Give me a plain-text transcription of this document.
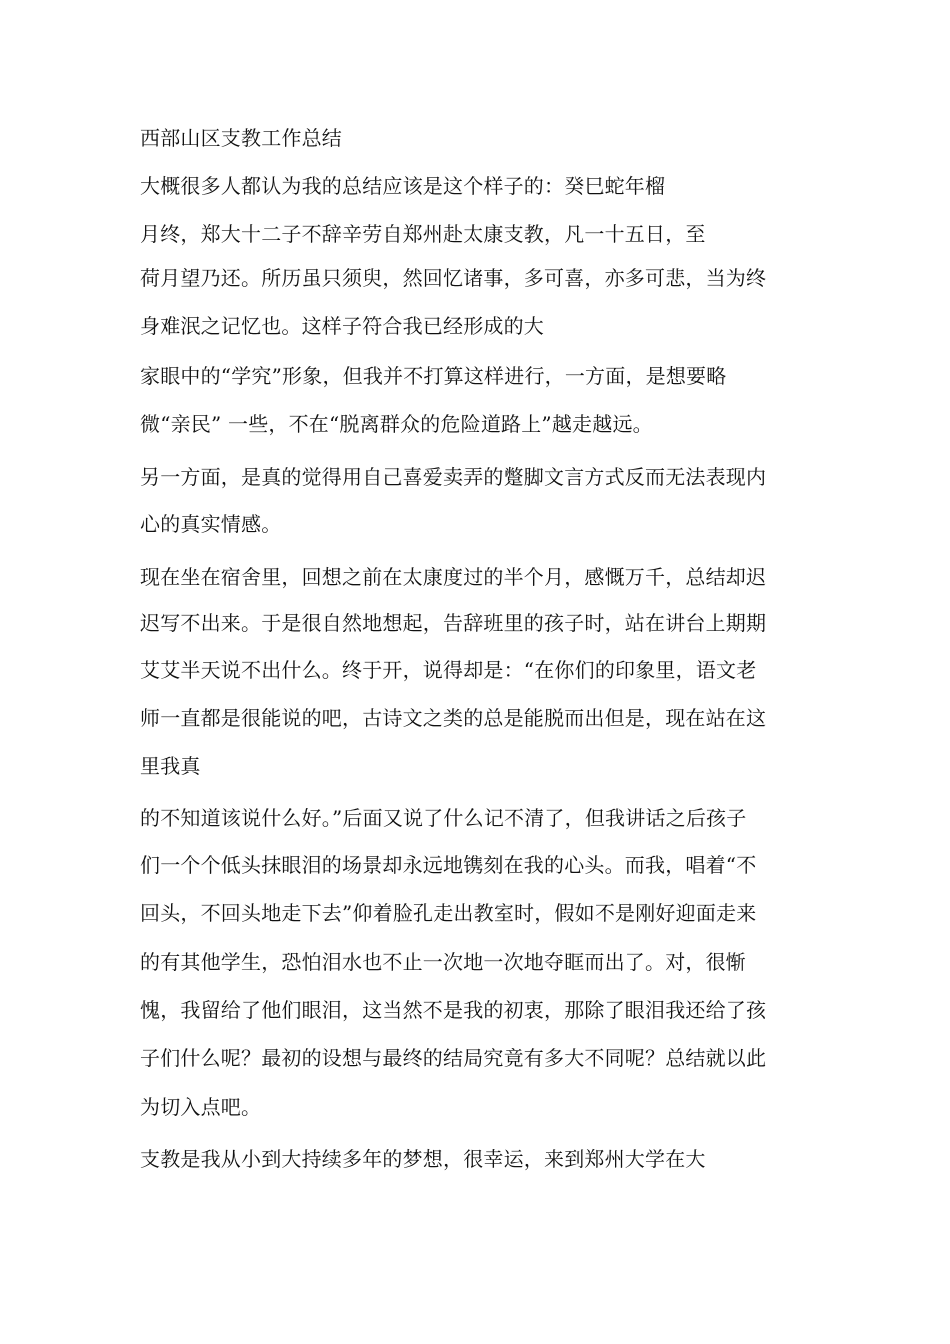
西部山区支教工作总结

大概很多人都认为我的总结应该是这个样子的：癸巳蛇年榴

月终，郑大十二子不辞辛劳自郑州赴太康支教，凡一十五日，至

荷月望乃还。所历虽只须臾，然回忆诸事，多可喜，亦多可悲，当为终

身难泯之记忆也。这样子符合我已经形成的大

家眼中的“学究”形象，但我并不打算这样进行，一方面，是想要略

微“亲民” 一些，不在“脱离群众的危险道路上”越走越远。

另一方面，是真的觉得用自己喜爱卖弄的蹩脚文言方式反而无法表现内

心的真实情感。

现在坐在宿舍里，回想之前在太康度过的半个月，感慨万千，总结却迟

迟写不出来。于是很自然地想起，告辞班里的孩子时，站在讲台上期期

艾艾半天说不出什么。终于开，说得却是：“在你们的印象里，语文老

师一直都是很能说的吧，古诗文之类的总是能脱而出但是，现在站在这

里我真

的不知道该说什么好。”后面又说了什么记不清了，但我讲话之后孩子

们一个个低头抹眼泪的场景却永远地镌刻在我的心头。而我，唱着“不

回头，不回头地走下去”仰着脸孔走出教室时，假如不是刚好迎面走来

的有其他学生，恐怕泪水也不止一次地一次地夺眶而出了。对，很惭

愧，我留给了他们眼泪，这当然不是我的初衷，那除了眼泪我还给了孩

子们什么呢？最初的设想与最终的结局究竟有多大不同呢？总结就以此

为切入点吧。

支教是我从小到大持续多年的梦想，很幸运，来到郑州大学在大
